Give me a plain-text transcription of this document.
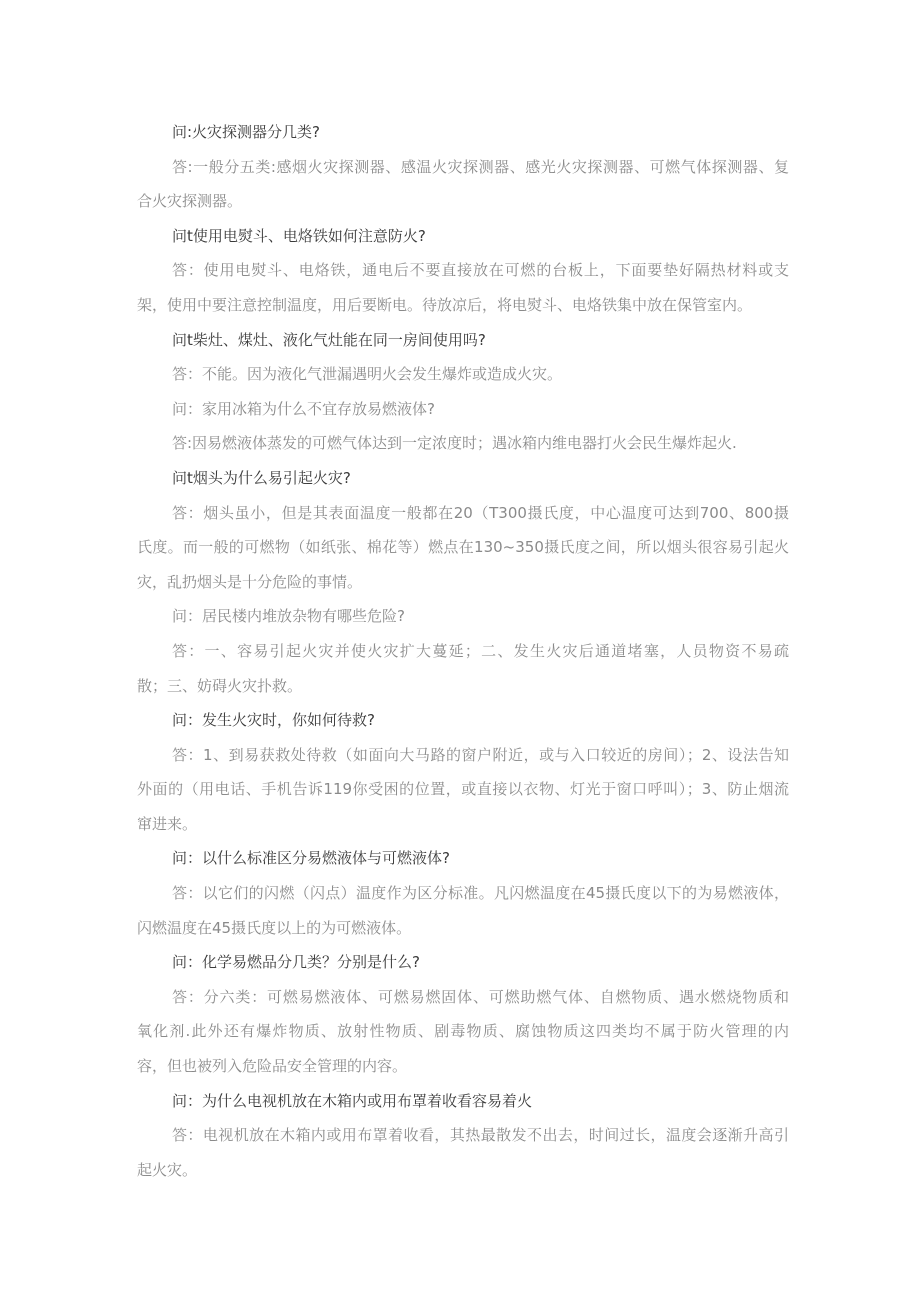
问:火灾探测器分几类?
答:一般分五类:感烟火灾探测器、感温火灾探测器、感光火灾探测器、可燃气体探测器、复
合火灾探测器。
问t使用电熨斗、电烙铁如何注意防火?
答：使用电熨斗、电烙铁，通电后不要直接放在可燃的台板上，下面要垫好隔热材料或支
架，使用中要注意控制温度，用后要断电。待放凉后，将电熨斗、电烙铁集中放在保管室内。
问t柴灶、煤灶、液化气灶能在同一房间使用吗?
答：不能。因为液化气泄漏遇明火会发生爆炸或造成火灾。
问：家用冰箱为什么不宜存放易燃液体?
答:因易燃液体蒸发的可燃气体达到一定浓度时；遇冰箱内维电器打火会民生爆炸起火.
问t烟头为什么易引起火灾?
答：烟头虽小，但是其表面温度一般都在20（T300摄氏度，中心温度可达到700、800摄
氏度。而一般的可燃物（如纸张、棉花等）燃点在130~350摄氏度之间，所以烟头很容易引起火
灾，乱扔烟头是十分危险的事情。
问：居民楼内堆放杂物有哪些危险?
答：一、容易引起火灾并使火灾扩大蔓延；二、发生火灾后通道堵塞，人员物资不易疏
散；三、妨碍火灾扑救。
问：发生火灾时，你如何待救?
答：1、到易获救处待救（如面向大马路的窗户附近，或与入口较近的房间）；2、设法告知
外面的（用电话、手机告诉119你受困的位置，或直接以衣物、灯光于窗口呼叫）；3、防止烟流
窜进来。
问：以什么标准区分易燃液体与可燃液体?
答：以它们的闪燃（闪点）温度作为区分标准。凡闪燃温度在45摄氏度以下的为易燃液体，
闪燃温度在45摄氏度以上的为可燃液体。
问：化学易燃品分几类？分别是什么?
答：分六类：可燃易燃液体、可燃易燃固体、可燃助燃气体、自燃物质、遇水燃烧物质和
氧化剂.此外还有爆炸物质、放射性物质、剧毒物质、腐蚀物质这四类均不属于防火管理的内
容，但也被列入危险品安全管理的内容。
问：为什么电视机放在木箱内或用布罩着收看容易着火
答：电视机放在木箱内或用布罩着收看，其热最散发不出去，时间过长，温度会逐渐升高引
起火灾。
